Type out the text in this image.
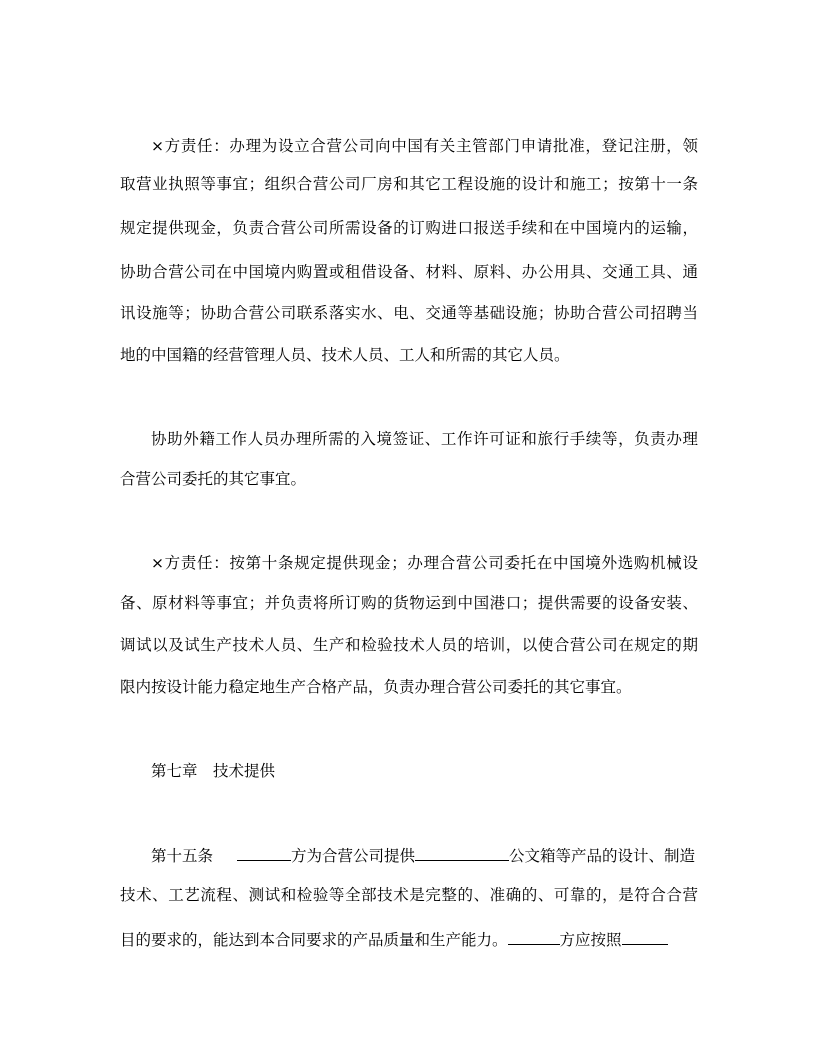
×方责任：办理为设立合营公司向中国有关主管部门申请批准，登记注册，领
取营业执照等事宜；组织合营公司厂房和其它工程设施的设计和施工；按第十一条
规定提供现金，负责合营公司所需设备的订购进口报送手续和在中国境内的运输，
协助合营公司在中国境内购置或租借设备、材料、原料、办公用具、交通工具、通
讯设施等；协助合营公司联系落实水、电、交通等基础设施；协助合营公司招聘当
地的中国籍的经营管理人员、技术人员、工人和所需的其它人员。
协助外籍工作人员办理所需的入境签证、工作许可证和旅行手续等，负责办理
合营公司委托的其它事宜。
×方责任：按第十条规定提供现金；办理合营公司委托在中国境外选购机械设
备、原材料等事宜；并负责将所订购的货物运到中国港口；提供需要的设备安装、
调试以及试生产技术人员、生产和检验技术人员的培训，以使合营公司在规定的期
限内按设计能力稳定地生产合格产品，负责办理合营公司委托的其它事宜。
第七章　技术提供
第十五条	方为合营公司提供	公文箱等产品的设计、制造
技术、工艺流程、测试和检验等全部技术是完整的、准确的、可靠的，是符合合营
目的要求的，能达到本合同要求的产品质量和生产能力。	方应按照
